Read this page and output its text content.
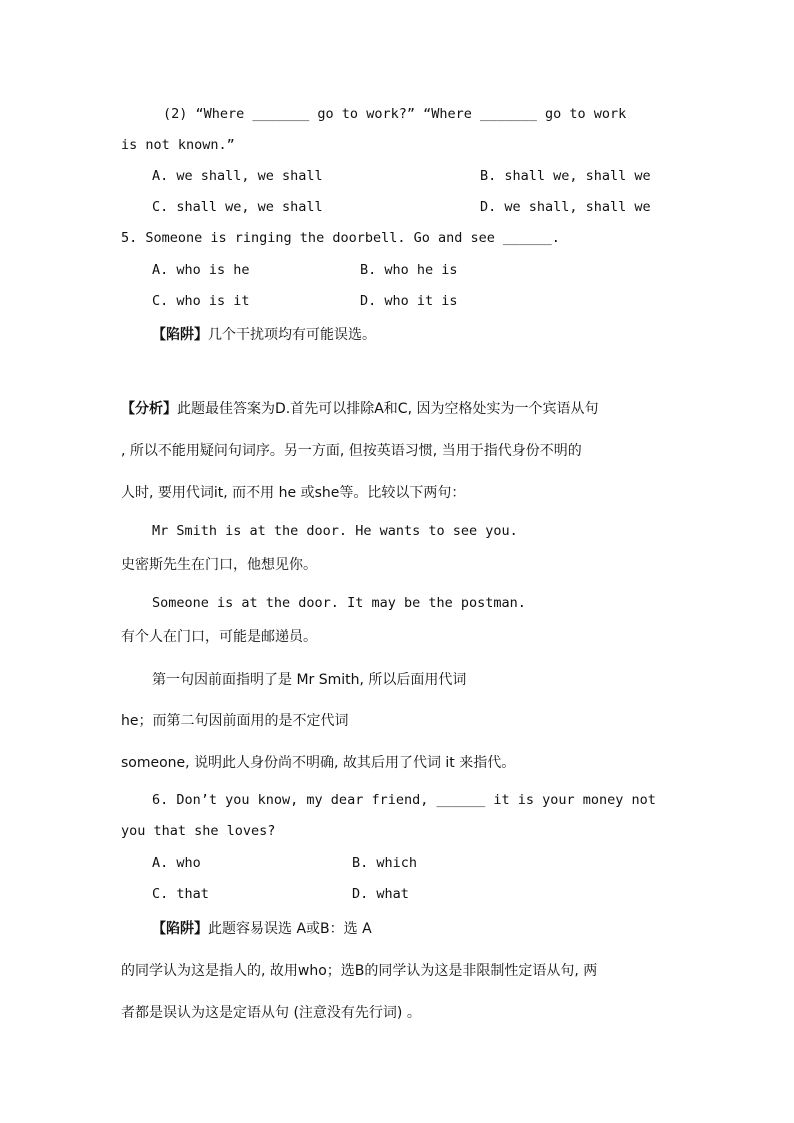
(2) “Where _______ go to work?” “Where _______ go to work
is not known.”
A. we shall, we shall	B. shall we, shall we
C. shall we, we shall	D. we shall, shall we
5. Someone is ringing the doorbell. Go and see ______.
A. who is he	B. who he is
C. who is it	D. who it is
【陷阱】几个干扰项均有可能误选。
【分析】此题最佳答案为D.首先可以排除A和C, 因为空格处实为一个宾语从句
, 所以不能用疑问句词序。另一方面, 但按英语习惯, 当用于指代身份不明的
人时, 要用代词it, 而不用 he 或she等。比较以下两句：
Mr Smith is at the door. He wants to see you.
史密斯先生在门口，他想见你。
Someone is at the door. It may be the postman.
有个人在门口，可能是邮递员。
第一句因前面指明了是 Mr Smith, 所以后面用代词
he；而第二句因前面用的是不定代词
someone, 说明此人身份尚不明确, 故其后用了代词 it 来指代。
6. Don’t you know, my dear friend, ______ it is your money not
you that she loves?
A. who	B. which
C. that	D. what
【陷阱】此题容易误选 A或B：选 A
的同学认为这是指人的, 故用who；选B的同学认为这是非限制性定语从句, 两
者都是误认为这是定语从句 (注意没有先行词) 。
